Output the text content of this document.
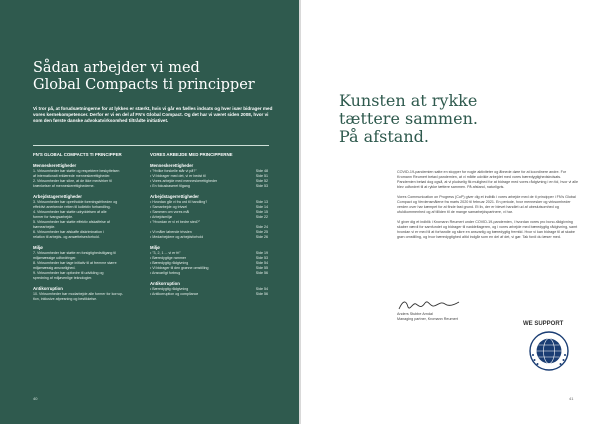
Sådan arbejder vi med
Global Compacts ti principper
Vi tror på, at forudsætningerne for at lykkes er stærkt, hvis vi går en fælles indsats og hver især bidrager med vores kernekompetencer. Derfor er vi en del af FN's Global Compact. Og det har vi været siden 2008, hvor vi som den første danske advokatvirksomhed tiltrådte initiativet.
FN'S GLOBAL COMPACTS TI PRINCIPPER	VORES ARBEJDE MED PRINCIPPERNE
Menneskerettigheder
1. Virksomheder bør støtte og respektere beskyttelsen
af internationalt erklærede menneskerettigheder.
2. Virksomheder bør sikre, at de ikke medvirker til
krænkelser af menneskerettighederne.
Arbejdstagerrettigheder
3. Virksomheder bør opretholde foreningsfriheden og
effektivt anerkende retten til kollektiv forhandling.
4. Virksomheder bør støtte udryddelsen af alle
former for tvangsarbejde.
5. Virksomheder bør støtte effektiv afskaffelse af
børnearbejde.
6. Virksomheder bør afskaffe diskrimination i
relation til arbejds- og ansættelsesforhold.
Miljø
7. Virksomheder bør støtte en forsigtighedstilgang til
miljømæssige udfordringer.
8. Virksomheder bør tage initiativ til at fremme større
miljømæssig ansvarlighed.
9. Virksomheder bør opfordre til udvikling og
spredning af miljøvenlige teknologier.
Antikorruption
10. Virksomheder bør modarbejde alle former for korrup-
tion, inklusive afpresning og bestikkelse.
Menneskerettigheder
• "Hvilke forskelle står vi på?"	Side 48
• Vi bidrager med det, vi er bedst til	Side 51
• Vores arbejde med menneskerettigheder	Side 52
• En fokusbaseret tilgang	Side 53
Arbejdstagerrettigheder
• Hvordan går vi fra ord til handling?	Side 13
• Samarbejde og trivsel	Side 14
• Sammen om vores mål	Side 15
• Arbejdsmiljø	Side 22
• "Hvordan er vi et bedre sted?"
Side 24
• Vi måler løbende trivslen	Side 25
• Medarbejdere og arbejdsforhold	Side 26
Miljø
• "3, 2, 1 ... vi er fri"	Side 19
• Bæredygtige rammer	Side 53
• Bæredygtig rådgivning	Side 54
• Vi bidrager til den grønne omstilling	Side 55
• Ansvarligt forbrug	Side 56
Antikorruption
• Bæredygtig rådgivning	Side 54
• Antikorruption og compliance	Side 56
40
Kunsten at rykke
tættere sammen.
På afstand.

COVID-19-pandemien satte en stopper for nogle aktiviteter og åbnede døre for at koordinere andre. For Kromann Reumert betød pandemien, at vi måtte udvikle arbejdet med vores bæredygtighedsindsats. Pandemien betød dog også, at vi pludselig fik mulighed for at bidrage med vores rådgivning i en tid, hvor vi alle blev udfordret til at rykke tættere sammen. På afstand, naturligvis.

Vores Communication on Progress (CoP) giver dig et indblik i vores arbejde med de ti principper i FN's Global Compact og Verdensmålene fra marts 2020 til februar 2021. En periode, hvor mennesker og virksomheder verden over har kæmpet for at finde fast grund. Et liv, der er blevet handlet ud af ubeslutsomhed og ufuldkommenhed og af tilliden til de mange samarbejdspartnere, vi har.

Vi giver dig et indblik i Kromann Reumert under COVID-19-pandemien, i hvordan vores pro bono-rådgivning skaber værdi for samfundet og bidrager til nøddeltageren, og i vores arbejde med bæredygtig rådgivning, samt hvordan vi er med til at forhandle og sikre en ansvarlig og bæredygtig fremtid. Hvor vi kan bidrage til at skabe grøn omstilling, og hvor bæredygtighed altid indgår som en del af det, vi gør. Tak fordi du læser med.

Anders Stubbe Arndal
Managing partner, Kromann Reumert
WE SUPPORT
41
